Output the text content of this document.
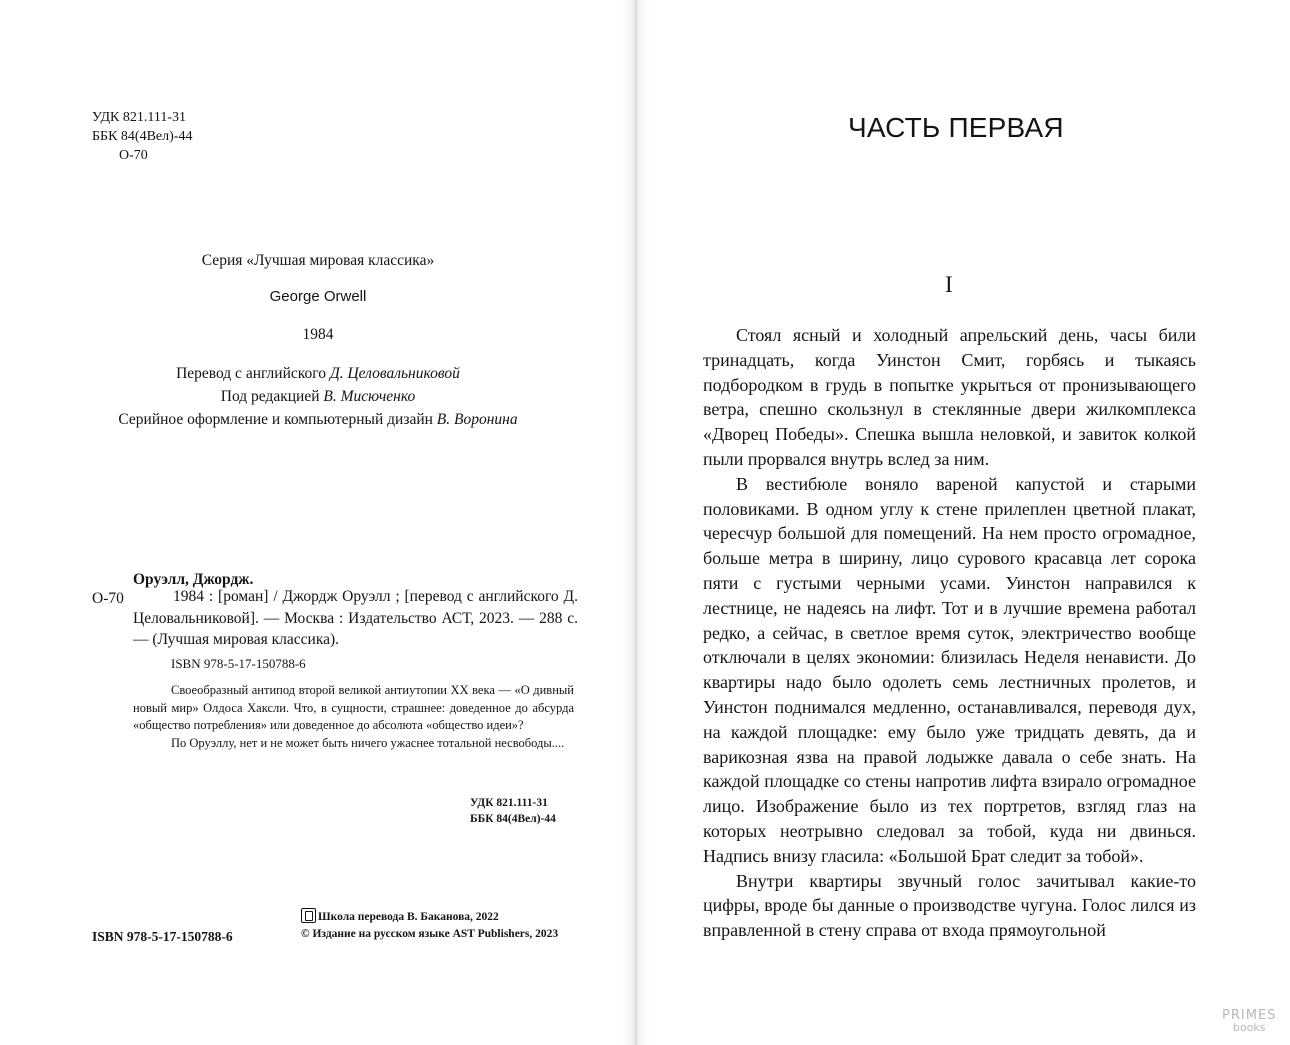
УДК 821.111-31
ББК 84(4Вел)-44
О-70
Серия «Лучшая мировая классика»
George Orwell
1984
Перевод с английского Д. Целовальниковой
Под редакцией В. Мисюченко
Серийное оформление и компьютерный дизайн В. Воронина
Оруэлл, Джордж.
О-70	1984 : [роман] / Джордж Оруэлл ; [перевод с английского Д. Целовальниковой]. — Москва : Издательство АСТ, 2023. — 288 с. — (Лучшая мировая классика).
ISBN 978-5-17-150788-6

Своеобразный антипод второй великой антиутопии XX века — «О дивный новый мир» Олдоса Хаксли. Что, в сущности, страшнее: доведенное до абсурда «общество потребления» или доведенное до абсолюта «общество идеи»?

По Оруэллу, нет и не может быть ничего ужаснее тотальной несвободы....

УДК 821.111-31
ББК 84(4Вел)-44
ISBN 978-5-17-150788-6
Школа перевода В. Баканова, 2022
© Издание на русском языке AST Publishers, 2023
ЧАСТЬ ПЕРВАЯ
I

Стоял ясный и холодный апрельский день, часы били тринадцать, когда Уинстон Смит, горбясь и тыкаясь подбородком в грудь в попытке укрыться от пронизывающего ветра, спешно скользнул в стеклянные двери жилкомплекса «Дворец Победы». Спешка вышла неловкой, и завиток колкой пыли прорвался внутрь вслед за ним.

В вестибюле воняло вареной капустой и старыми половиками. В одном углу к стене прилеплен цветной плакат, чересчур большой для помещений. На нем просто огромадное, больше метра в ширину, лицо сурового красавца лет сорока пяти с густыми черными усами. Уинстон направился к лестнице, не надеясь на лифт. Тот и в лучшие времена работал редко, а сейчас, в светлое время суток, электричество вообще отключали в целях экономии: близилась Неделя ненависти. До квартиры надо было одолеть семь лестничных пролетов, и Уинстон поднимался медленно, останавливался, переводя дух, на каждой площадке: ему было уже тридцать девять, да и варикозная язва на правой лодыжке давала о себе знать. На каждой площадке со стены напротив лифта взирало огромадное лицо. Изображение было из тех портретов, взгляд глаз на которых неотрывно следовал за тобой, куда ни двинься. Надпись внизу гласила: «Большой Брат следит за тобой».

Внутри квартиры звучный голос зачитывал какие-то цифры, вроде бы данные о производстве чугуна. Голос лился из вправленной в стену справа от входа прямоугольной

PRIMES
books
